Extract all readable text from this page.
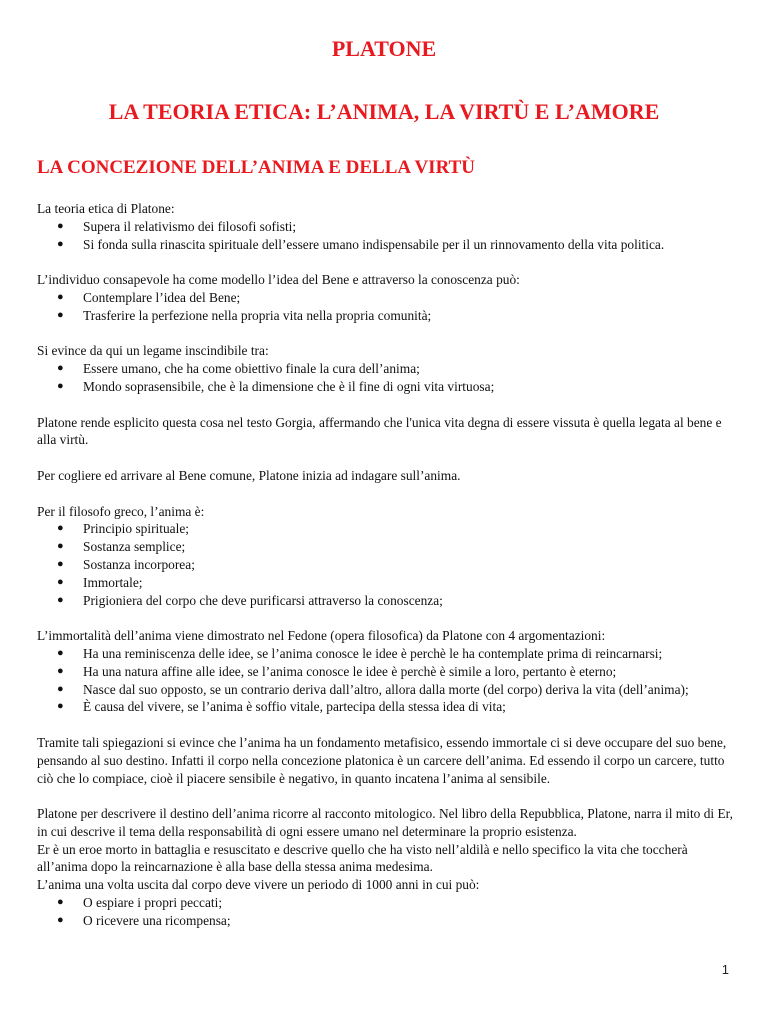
PLATONE
LA TEORIA ETICA: L’ANIMA, LA VIRTÙ E L’AMORE
LA CONCEZIONE DELL’ANIMA E DELLA VIRTÙ

La teoria etica di Platone:

● Supera il relativismo dei filosofi sofisti;
● Si fonda sulla rinascita spirituale dell’essere umano indispensabile per il un rinnovamento della vita politica.

L’individuo consapevole ha come modello l’idea del Bene e attraverso la conoscenza può:

● Contemplare l’idea del Bene;
● Trasferire la perfezione nella propria vita nella propria comunità;

Si evince da qui un legame inscindibile tra:

● Essere umano, che ha come obiettivo finale la cura dell’anima;
● Mondo soprasensibile, che è la dimensione che è il fine di ogni vita virtuosa;

Platone rende esplicito questa cosa nel testo Gorgia, affermando che l'unica vita degna di essere vissuta è quella legata al bene e alla virtù.

Per cogliere ed arrivare al Bene comune, Platone inizia ad indagare sull’anima.

Per il filosofo greco, l’anima è:

● Principio spirituale;
● Sostanza semplice;
● Sostanza incorporea;
● Immortale;
● Prigioniera del corpo che deve purificarsi attraverso la conoscenza;

L’immortalità dell’anima viene dimostrato nel Fedone (opera filosofica) da Platone con 4 argomentazioni:

● Ha una reminiscenza delle idee, se l’anima conosce le idee è perchè le ha contemplate prima di reincarnarsi;
● Ha una natura affine alle idee, se l’anima conosce le idee è perchè è simile a loro, pertanto è eterno;
● Nasce dal suo opposto, se un contrario deriva dall’altro, allora dalla morte (del corpo) deriva la vita (dell’anima);
● È causa del vivere, se l’anima è soffio vitale, partecipa della stessa idea di vita;

Tramite tali spiegazioni si evince che l’anima ha un fondamento metafisico, essendo immortale ci si deve occupare del suo bene, pensando al suo destino. Infatti il corpo nella concezione platonica è un carcere dell’anima. Ed essendo il corpo un carcere, tutto ciò che lo compiace, cioè il piacere sensibile è negativo, in quanto incatena l’anima al sensibile.

Platone per descrivere il destino dell’anima ricorre al racconto mitologico. Nel libro della Repubblica, Platone, narra il mito di Er, in cui descrive il tema della responsabilità di ogni essere umano nel determinare la proprio esistenza.

Er è un eroe morto in battaglia e resuscitato e descrive quello che ha visto nell’aldilà e nello specifico la vita che toccherà all’anima dopo la reincarnazione è alla base della stessa anima medesima.

L’anima una volta uscita dal corpo deve vivere un periodo di 1000 anni in cui può:

● O espiare i propri peccati;
● O ricevere una ricompensa;
1
